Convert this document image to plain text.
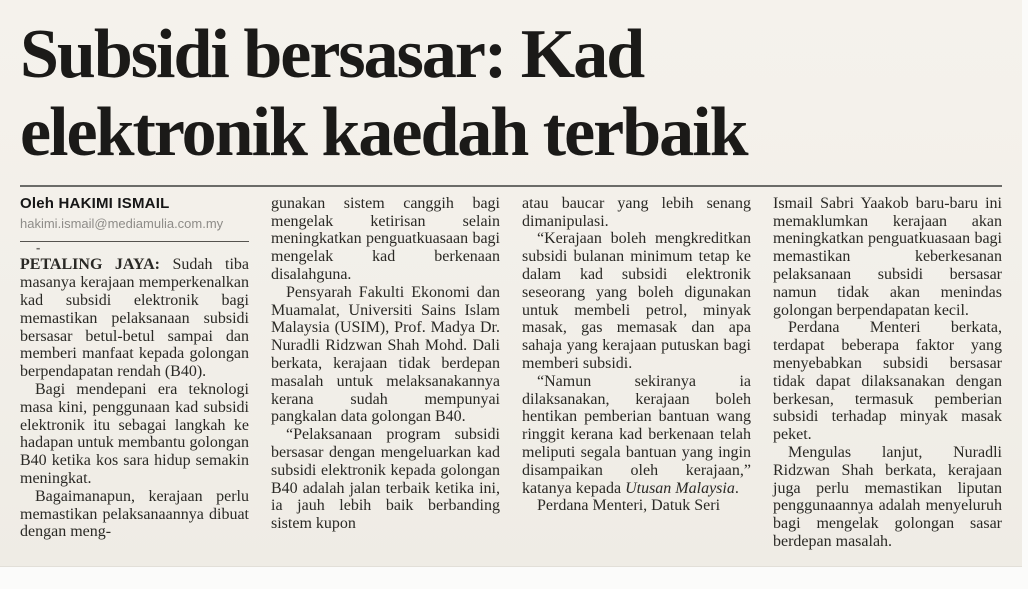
Subsidi bersasar: Kad
elektronik kaedah terbaik
Oleh HAKIMI ISMAIL
hakimi.ismail@mediamulia.com.my
-

PETALING JAYA: Sudah tiba masanya kerajaan memperkenalkan kad subsidi elektronik bagi memastikan pelaksanaan subsidi bersasar betul-betul sampai dan memberi manfaat kepada golongan berpendapatan rendah (B40).

Bagi mendepani era teknologi masa kini, penggunaan kad subsidi elektronik itu sebagai langkah ke hadapan untuk membantu golongan B40 ketika kos sara hidup semakin meningkat.

Bagaimanapun, kerajaan perlu memastikan pelaksanaannya dibuat dengan meng-

gunakan sistem canggih bagi mengelak ketirisan selain meningkatkan penguatkuasaan bagi mengelak kad berkenaan disalahguna.

Pensyarah Fakulti Ekonomi dan Muamalat, Universiti Sains Islam Malaysia (USIM), Prof. Madya Dr. Nuradli Ridzwan Shah Mohd. Dali berkata, kerajaan tidak berdepan masalah untuk melaksanakannya kerana sudah mempunyai pangkalan data golongan B40.

“Pelaksanaan program subsidi bersasar dengan mengeluarkan kad subsidi elektronik kepada golongan B40 adalah jalan terbaik ketika ini, ia jauh lebih baik berbanding sistem kupon

atau baucar yang lebih senang dimanipulasi.

“Kerajaan boleh mengkreditkan subsidi bulanan minimum tetap ke dalam kad subsidi elektronik seseorang yang boleh digunakan untuk membeli petrol, minyak masak, gas memasak dan apa sahaja yang kerajaan putuskan bagi memberi subsidi.

“Namun sekiranya ia dilaksanakan, kerajaan boleh hentikan pemberian bantuan wang ringgit kerana kad berkenaan telah meliputi segala bantuan yang ingin disampaikan oleh kerajaan,” katanya kepada Utusan Malaysia.

Perdana Menteri, Datuk Seri

Ismail Sabri Yaakob baru-baru ini memaklumkan kerajaan akan meningkatkan penguatkuasaan bagi memastikan keberkesanan pelaksanaan subsidi bersasar namun tidak akan menindas golongan berpendapatan kecil.

Perdana Menteri berkata, terdapat beberapa faktor yang menyebabkan subsidi bersasar tidak dapat dilaksanakan dengan berkesan, termasuk pemberian subsidi terhadap minyak masak peket.

Mengulas lanjut, Nuradli Ridzwan Shah berkata, kerajaan juga perlu memastikan liputan penggunaannya adalah menyeluruh bagi mengelak golongan sasar berdepan masalah.
